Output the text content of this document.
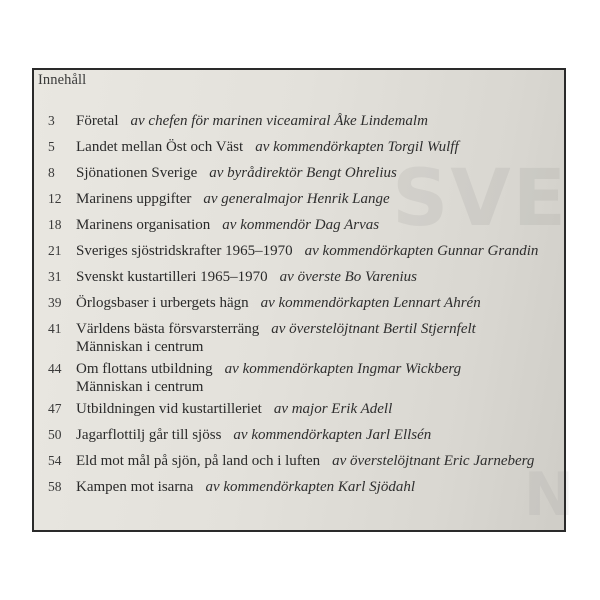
SVE
N
Innehåll
3 Företal av chefen för marinen viceamiral Åke Lindemalm
5 Landet mellan Öst och Väst av kommendörkapten Torgil Wulff
8 Sjönationen Sverige av byrådirektör Bengt Ohrelius
12 Marinens uppgifter av generalmajor Henrik Lange
18 Marinens organisation av kommendör Dag Arvas
21 Sveriges sjöstridskrafter 1965–1970 av kommendörkapten Gunnar Grandin
31 Svenskt kustartilleri 1965–1970 av överste Bo Varenius
39 Örlogsbaser i urbergets hägn av kommendörkapten Lennart Ahrén
41 Världens bästa försvarsterräng av överstelöjtnant Bertil Stjernfelt
Människan i centrum
44 Om flottans utbildning av kommendörkapten Ingmar Wickberg
Människan i centrum
47 Utbildningen vid kustartilleriet av major Erik Adell
50 Jagarflottilj går till sjöss av kommendörkapten Jarl Ellsén
54 Eld mot mål på sjön, på land och i luften av överstelöjtnant Eric Jarneberg
58 Kampen mot isarna av kommendörkapten Karl Sjödahl
